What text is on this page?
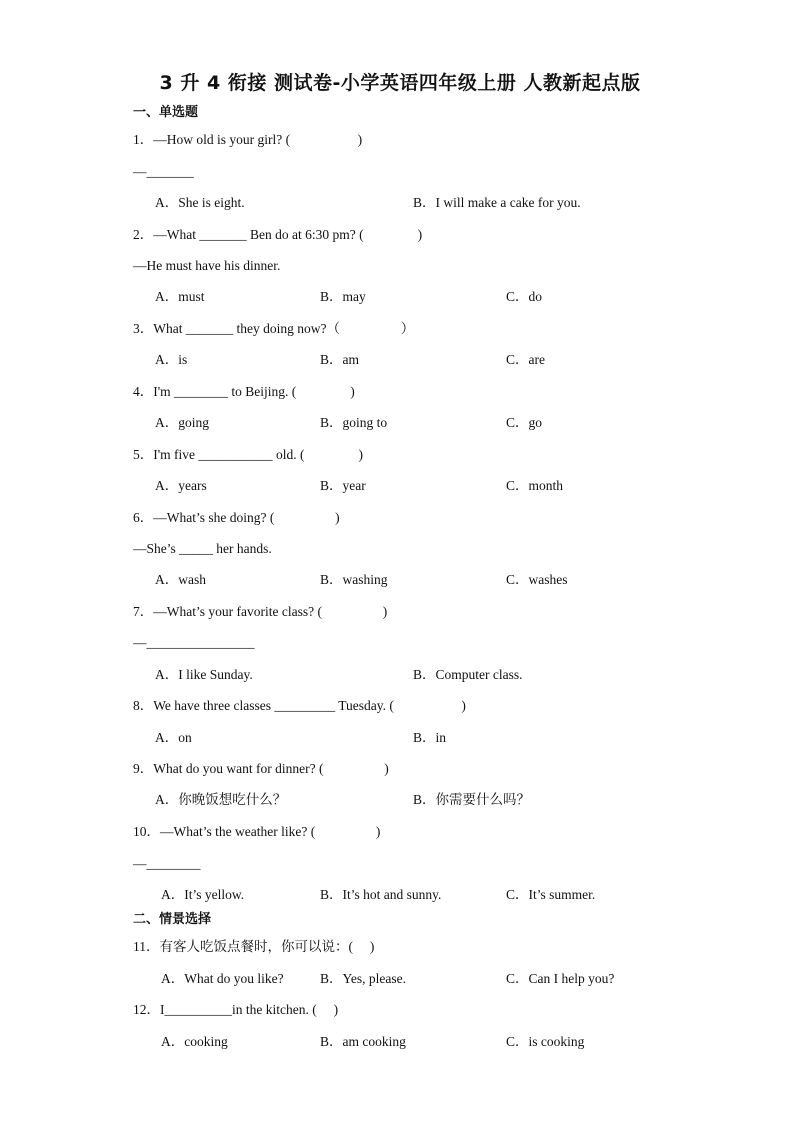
3 升 4 衔接 测试卷-小学英语四年级上册 人教新起点版
一、单选题
1．—How old is your girl? (                    )
—_______
A．She is eight.	B．I will make a cake for you.
2．—What _______ Ben do at 6:30 pm? (                )
—He must have his dinner.
A．must	B．may	C．do
3．What _______ they doing now?（                  ）
A．is	B．am	C．are
4．I'm ________ to Beijing. (                )
A．going	B．going to	C．go
5．I'm five ___________ old. (                )
A．years	B．year	C．month
6．—What’s she doing? (                  )
—She’s _____ her hands.
A．wash	B．washing	C．washes
7．—What’s your favorite class? (                  )
—________________
A．I like Sunday.	B．Computer class.
8．We have three classes _________ Tuesday. (                    )
A．on	B．in
9．What do you want for dinner? (                  )
A．你晚饭想吃什么？	B．你需要什么吗？
10．—What’s the weather like? (                  )
—________
A．It’s yellow.	B．It’s hot and sunny.	C．It’s summer.
二、情景选择
11．有客人吃饭点餐时，你可以说：(     )
A．What do you like?	B．Yes, please.	C．Can I help you?
12．I__________in the kitchen. (     )
A．cooking	B．am cooking	C．is cooking
